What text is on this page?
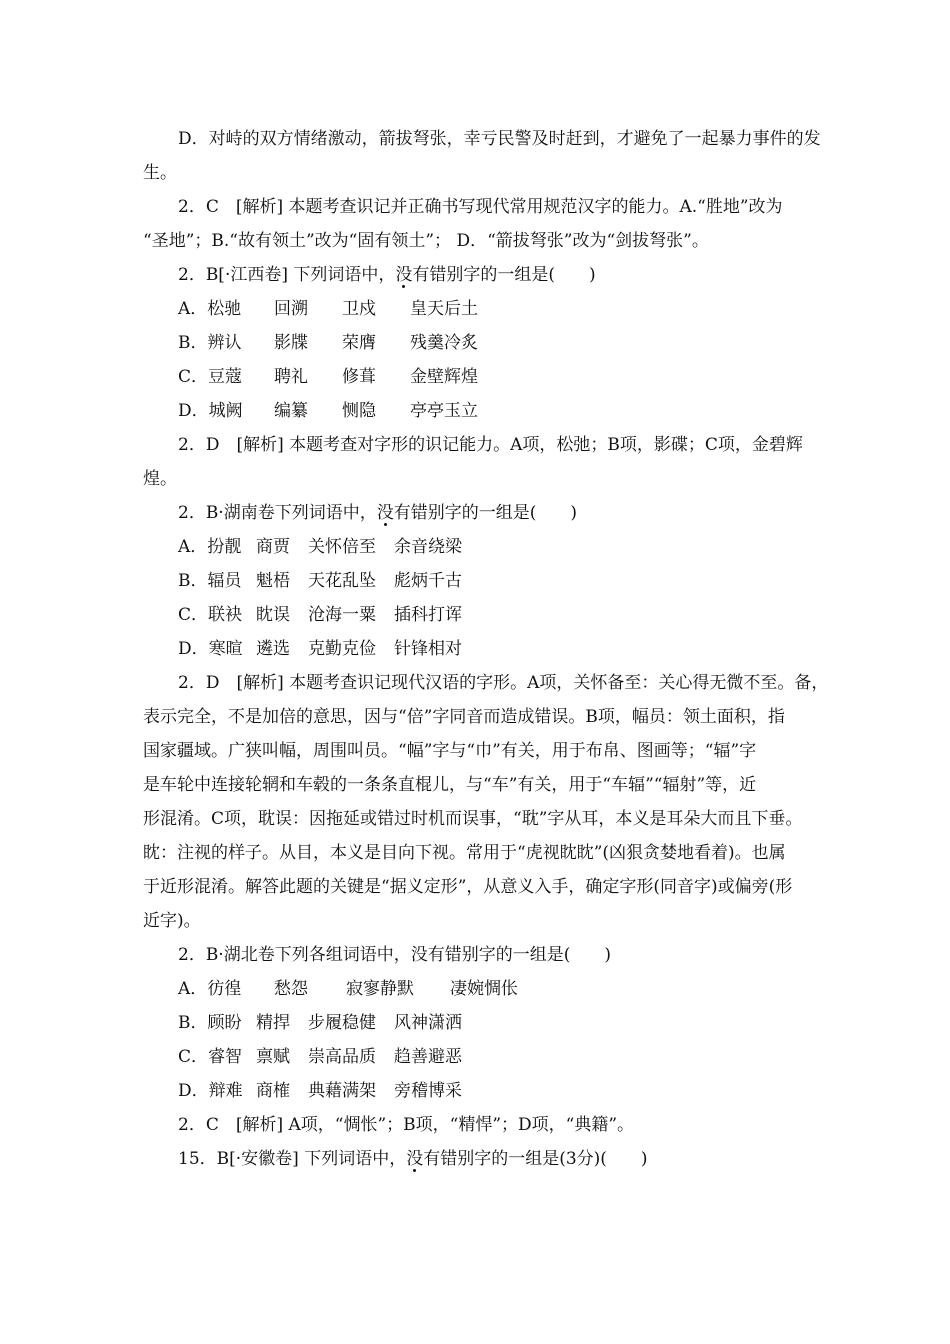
D．对峙的双方情绪激动，箭拔弩张，幸亏民警及时赶到，才避免了一起暴力事件的发
生。
2．C　[解析] 本题考查识记并正确书写现代常用规范汉字的能力。A.“胜地”改为
“圣地”；B.“故有领土”改为“固有领土”； D．“箭拔弩张”改为“剑拔弩张”。
2．B[·江西卷] 下列词语中，没有错别字的一组是(　　)
A．松驰 回溯 卫戍 皇天后土
B．辨认 影牒 荣膺 残羹冷炙
C．豆蔻 聘礼 修葺 金壁辉煌
D．城阙 编纂 恻隐 亭亭玉立
2．D　[解析] 本题考查对字形的识记能力。A项，松弛；B项，影碟；C项，金碧辉
煌。
2．B·湖南卷下列词语中，没有错别字的一组是(　　)
A．扮靓 商贾 关怀倍至 余音绕梁
B．辐员 魁梧 天花乱坠 彪炳千古
C．联袂 眈误 沧海一粟 插科打诨
D．寒暄 遴选 克勤克俭 针锋相对
2．D　[解析] 本题考查识记现代汉语的字形。A项，关怀备至：关心得无微不至。备，
表示完全，不是加倍的意思，因与“倍”字同音而造成错误。B项，幅员：领土面积，指
国家疆域。广狭叫幅，周围叫员。“幅”字与“巾”有关，用于布帛、图画等；“辐”字
是车轮中连接轮辋和车毂的一条条直棍儿，与“车”有关，用于“车辐”“辐射”等，近
形混淆。C项，耽误：因拖延或错过时机而误事，“耽”字从耳，本义是耳朵大而且下垂。
眈：注视的样子。从目，本义是目向下视。常用于“虎视眈眈”(凶狠贪婪地看着)。也属
于近形混淆。解答此题的关键是“据义定形”，从意义入手，确定字形(同音字)或偏旁(形
近字)。
2．B·湖北卷下列各组词语中，没有错别字的一组是(　　)
A．彷徨 愁怨 寂寥静默 凄婉惆伥
B．顾盼 精捍 步履稳健 风神潇洒
C．睿智 禀赋 崇高品质 趋善避恶
D．辩难 商榷 典藉满架 旁稽博采
2．C　[解析] A项，“惆怅”；B项，“精悍”；D项，“典籍”。
15．B[·安徽卷] 下列词语中，没有错别字的一组是(3分)(　　)
